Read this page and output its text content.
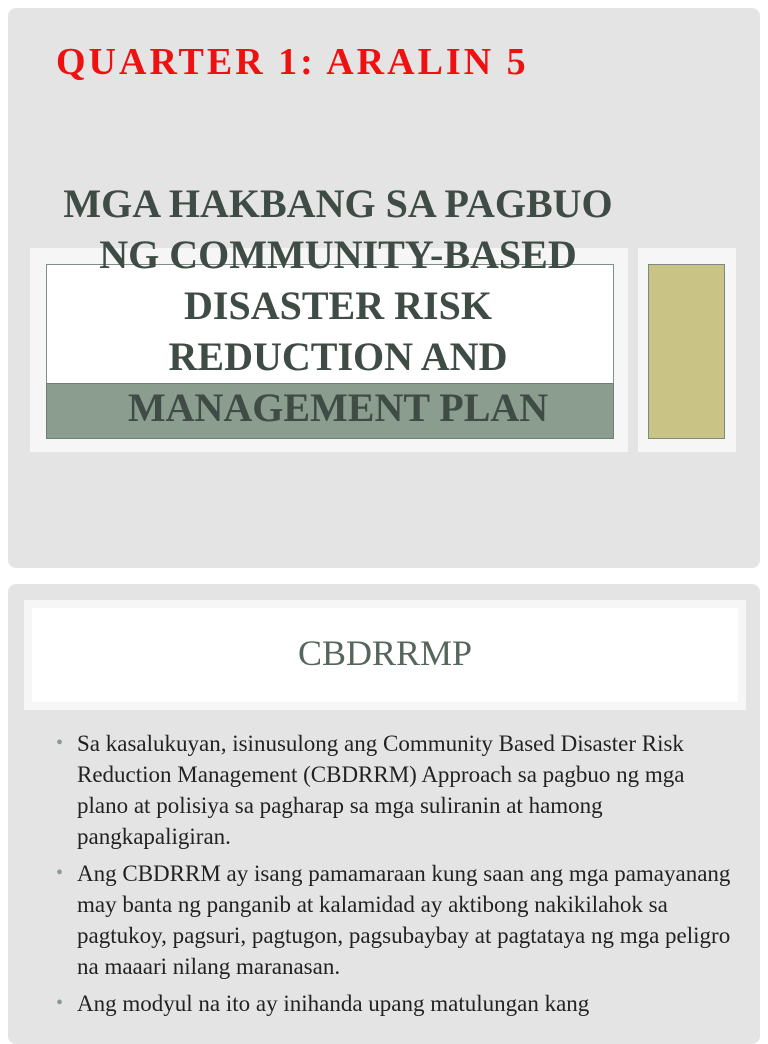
QUARTER 1: ARALIN 5
MGA HAKBANG SA PAGBUO
NG COMMUNITY-BASED
DISASTER RISK
REDUCTION AND
MANAGEMENT PLAN
CBDRRMP
• Sa kasalukuyan, isinusulong ang Community Based Disaster Risk Reduction Management (CBDRRM) Approach sa pagbuo ng mga plano at polisiya sa pagharap sa mga suliranin at hamong pangkapaligiran.
• Ang CBDRRM ay isang pamamaraan kung saan ang mga pamayanang may banta ng panganib at kalamidad ay aktibong nakikilahok sa pagtukoy, pagsuri, pagtugon, pagsubaybay at pagtataya ng mga peligro na maaari nilang maranasan.
• Ang modyul na ito ay inihanda upang matulungan kang
